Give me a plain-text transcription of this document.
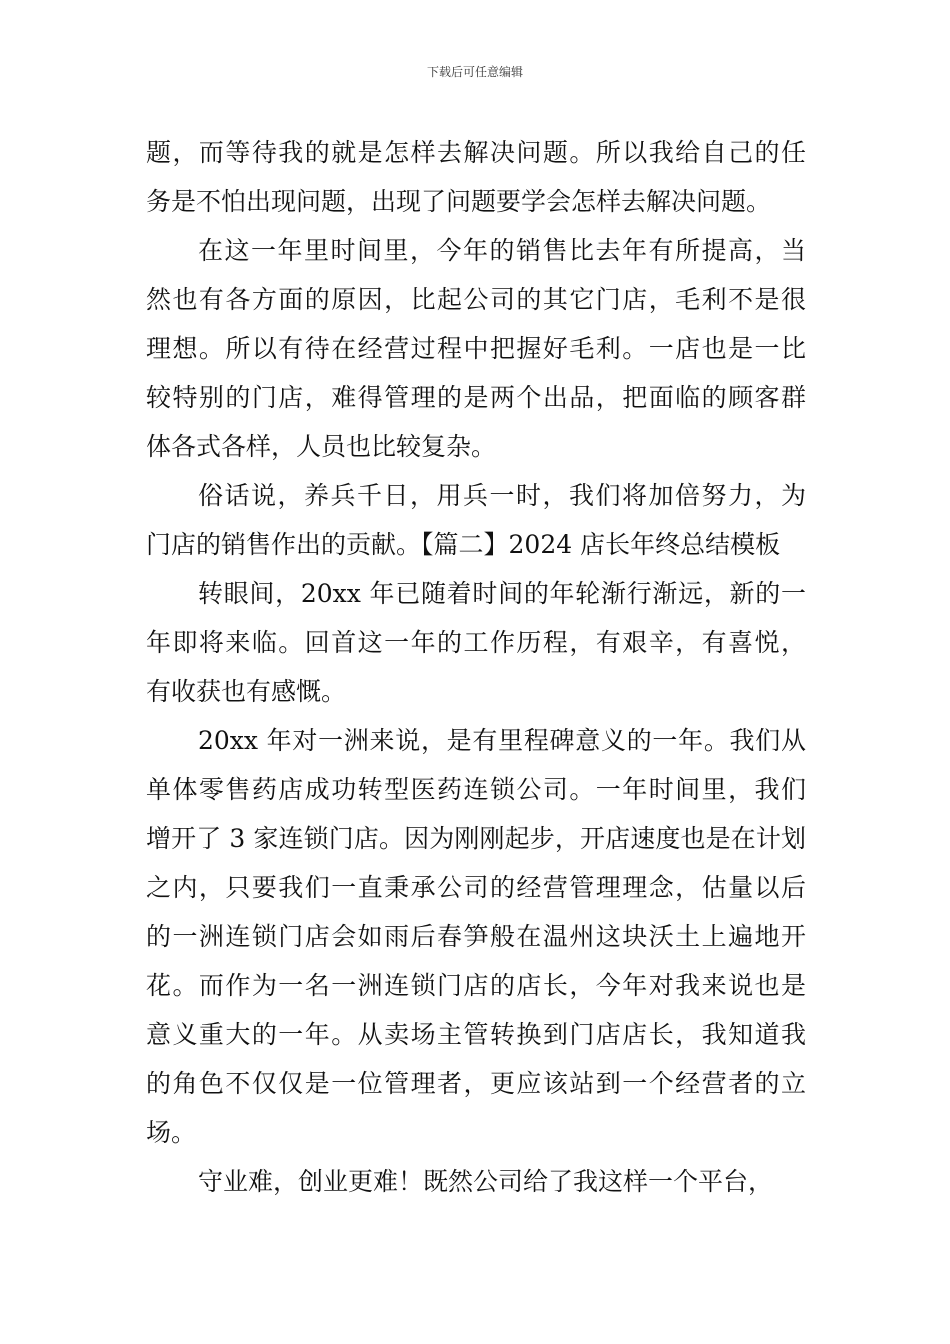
下载后可任意编辑
题，而等待我的就是怎样去解决问题。所以我给自己的任
务是不怕出现问题，出现了问题要学会怎样去解决问题。
在这一年里时间里，今年的销售比去年有所提高，当
然也有各方面的原因，比起公司的其它门店，毛利不是很
理想。所以有待在经营过程中把握好毛利。一店也是一比
较特别的门店，难得管理的是两个出品，把面临的顾客群
体各式各样，人员也比较复杂。
俗话说，养兵千日，用兵一时，我们将加倍努力，为
门店的销售作出的贡献。【篇二】2024 店长年终总结模板
转眼间，20xx 年已随着时间的年轮渐行渐远，新的一
年即将来临。回首这一年的工作历程，有艰辛，有喜悦，
有收获也有感慨。
20xx 年对一洲来说，是有里程碑意义的一年。我们从
单体零售药店成功转型医药连锁公司。一年时间里，我们
增开了 3 家连锁门店。因为刚刚起步，开店速度也是在计划
之内，只要我们一直秉承公司的经营管理理念，估量以后
的一洲连锁门店会如雨后春笋般在温州这块沃土上遍地开
花。而作为一名一洲连锁门店的店长，今年对我来说也是
意义重大的一年。从卖场主管转换到门店店长，我知道我
的角色不仅仅是一位管理者，更应该站到一个经营者的立
场。
守业难，创业更难！既然公司给了我这样一个平台，
